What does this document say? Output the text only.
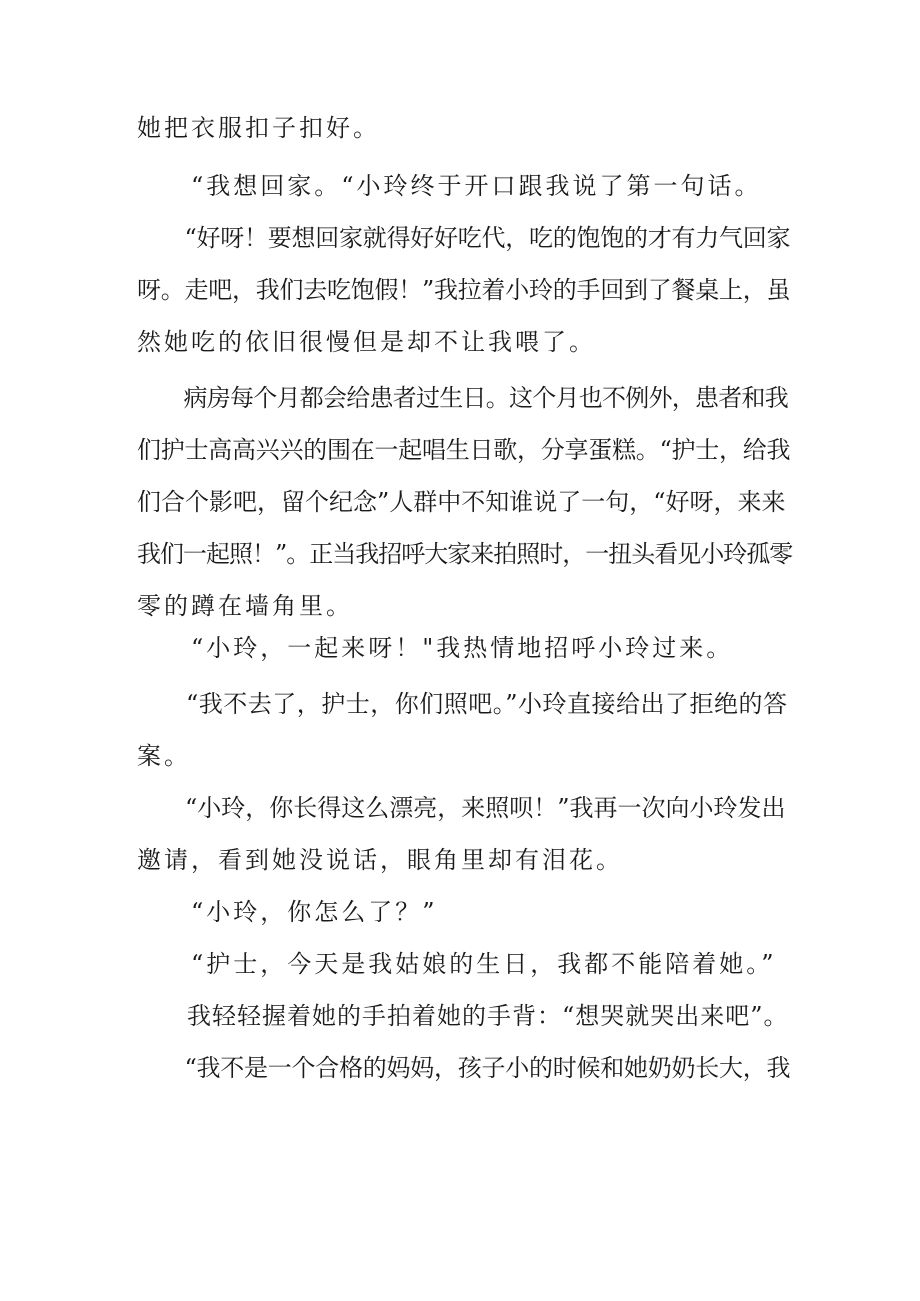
她把衣服扣子扣好。

　　“我想回家。“小玲终于开口跟我说了第一句话。

　　“好呀！要想回家就得好好吃代，吃的饱饱的才有力气回家
呀。走吧，我们去吃饱假！”我拉着小玲的手回到了餐桌上，虽
然她吃的依旧很慢但是却不让我喂了。

　　病房每个月都会给患者过生日。这个月也不例外，患者和我
们护士高高兴兴的围在一起唱生日歌，分享蛋糕。“护士，给我
们合个影吧，留个纪念”人群中不知谁说了一句，“好呀，来来
我们一起照！”。正当我招呼大家来拍照时，一扭头看见小玲孤零
零的蹲在墙角里。

　　“小玲，一起来呀！"我热情地招呼小玲过来。

　　“我不去了，护士，你们照吧。”小玲直接给出了拒绝的答
案。

　　“小玲，你长得这么漂亮，来照呗！”我再一次向小玲发出
邀请，看到她没说话，眼角里却有泪花。

　　“小玲，你怎么了？”

　　“护士，今天是我姑娘的生日，我都不能陪着她。”

　　我轻轻握着她的手拍着她的手背：“想哭就哭出来吧”。

　　“我不是一个合格的妈妈，孩子小的时候和她奶奶长大，我
